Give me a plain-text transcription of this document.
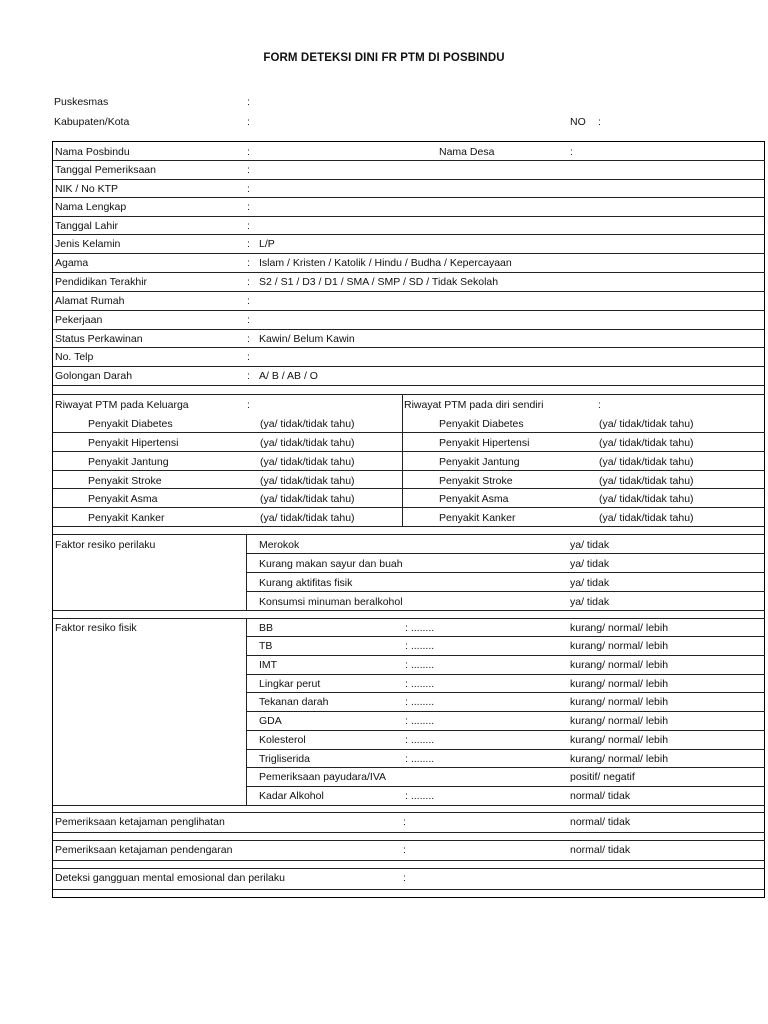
FORM DETEKSI DINI FR PTM DI POSBINDU
Puskesmas	:
Kabupaten/Kota	:	NO :
Nama Posbindu	:	Nama Desa	:
Tanggal Pemeriksaan	:
NIK / No KTP	:
Nama Lengkap	:
Tanggal Lahir	:
Jenis Kelamin	: L/P
Agama	: Islam / Kristen / Katolik / Hindu / Budha / Kepercayaan
Pendidikan Terakhir	: S2 / S1 / D3 / D1 / SMA / SMP / SD / Tidak Sekolah
Alamat Rumah	:
Pekerjaan	:
Status Perkawinan	: Kawin/ Belum Kawin
No. Telp	:
Golongan Darah	: A/ B / AB / O
Riwayat PTM pada Keluarga	:	Riwayat PTM pada diri sendiri	:
Penyakit Diabetes	(ya/ tidak/tidak tahu)	Penyakit Diabetes	(ya/ tidak/tidak tahu)
Penyakit Hipertensi	(ya/ tidak/tidak tahu)	Penyakit Hipertensi	(ya/ tidak/tidak tahu)
Penyakit Jantung	(ya/ tidak/tidak tahu)	Penyakit Jantung	(ya/ tidak/tidak tahu)
Penyakit Stroke	(ya/ tidak/tidak tahu)	Penyakit Stroke	(ya/ tidak/tidak tahu)
Penyakit Asma	(ya/ tidak/tidak tahu)	Penyakit Asma	(ya/ tidak/tidak tahu)
Penyakit Kanker	(ya/ tidak/tidak tahu)	Penyakit Kanker	(ya/ tidak/tidak tahu)
Faktor resiko perilaku	Merokok	ya/ tidak
Kurang makan sayur dan buah	ya/ tidak
Kurang aktifitas fisik	ya/ tidak
Konsumsi minuman beralkohol	ya/ tidak
Faktor resiko fisik	BB	: ........	kurang/ normal/ lebih
TB	: ........	kurang/ normal/ lebih
IMT	: ........	kurang/ normal/ lebih
Lingkar perut	: ........	kurang/ normal/ lebih
Tekanan darah	: ........	kurang/ normal/ lebih
GDA	: ........	kurang/ normal/ lebih
Kolesterol	: ........	kurang/ normal/ lebih
Trigliserida	: ........	kurang/ normal/ lebih
Pemeriksaan payudara/IVA	positif/ negatif
Kadar Alkohol	: ........	normal/ tidak
Pemeriksaan ketajaman penglihatan	:	normal/ tidak
Pemeriksaan ketajaman pendengaran	:	normal/ tidak
Deteksi gangguan mental emosional dan perilaku	:
